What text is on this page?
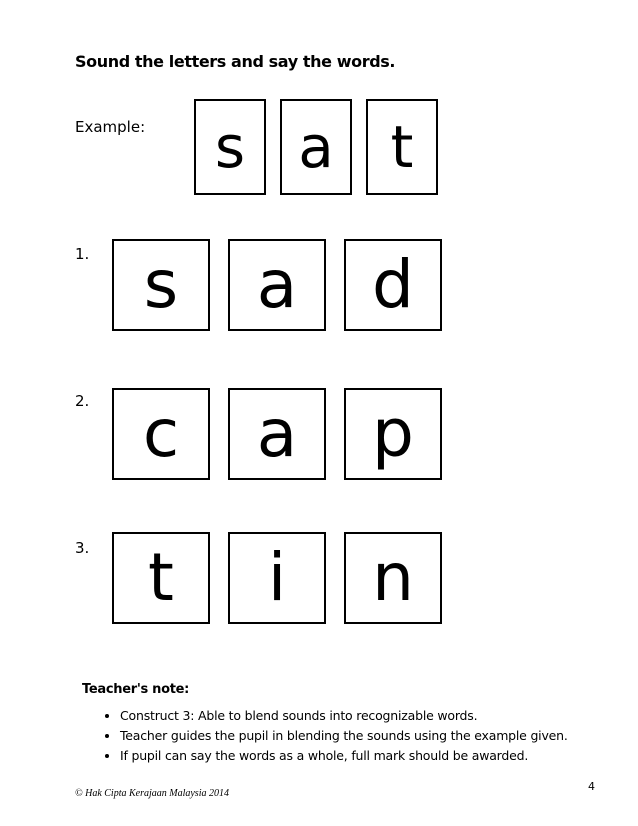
Sound the letters and say the words.
Example:	s a t
1. s	a	d
2. c	a	p
3. t	i	n
Teacher's note:
• Construct 3: Able to blend sounds into recognizable words.
• Teacher guides the pupil in blending the sounds using the example given.
• If pupil can say the words as a whole, full mark should be awarded.
© Hak Cipta Kerajaan Malaysia 2014
4
